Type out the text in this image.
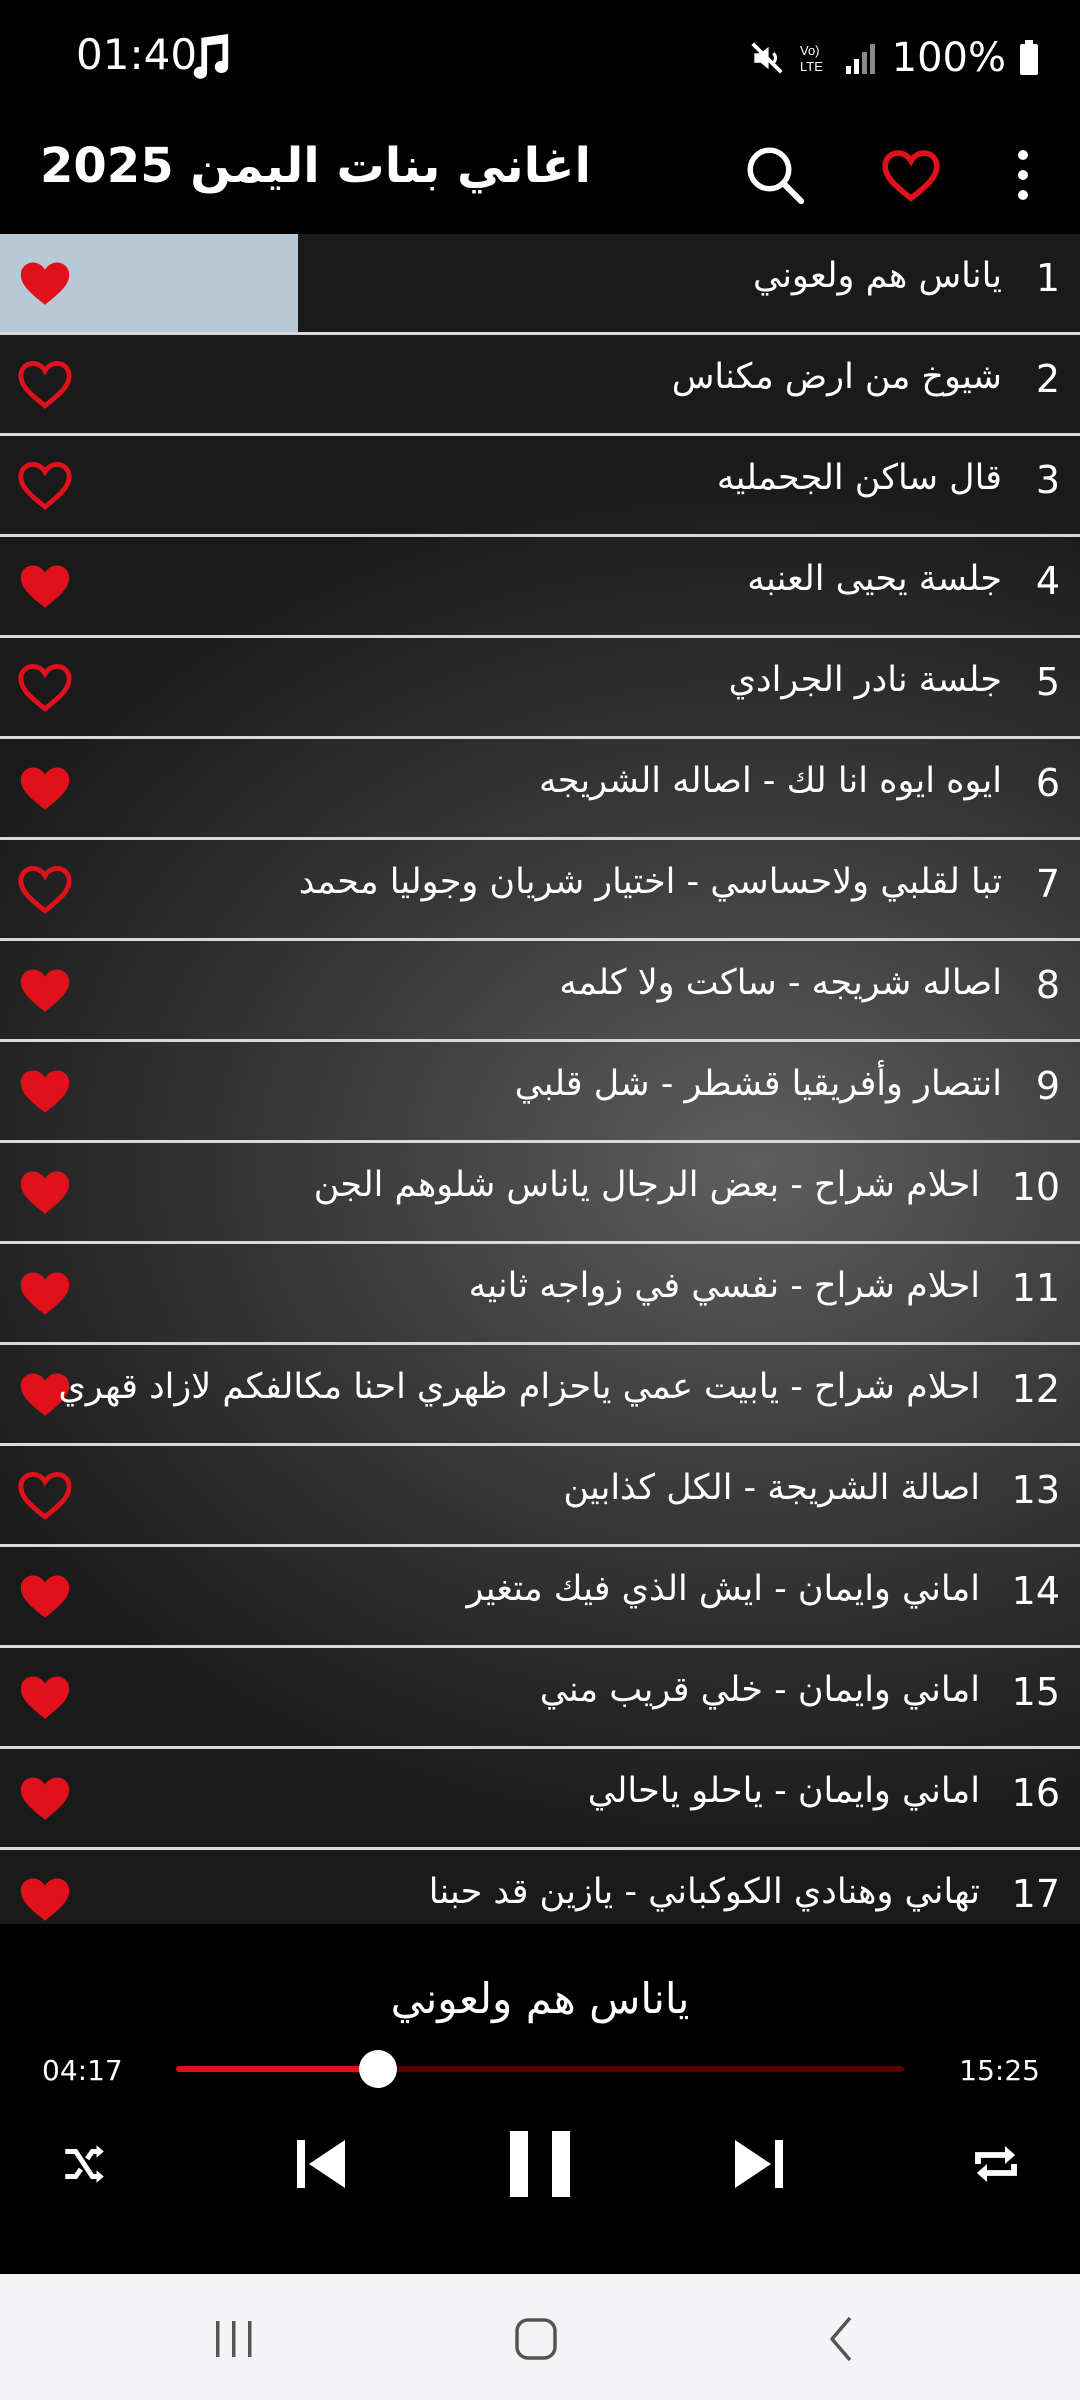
01:40	Vo)
LTE 100%
اغاني بنات اليمن 2025
1
ياناس هم ولعوني
2
شيوخ من ارض مكناس
3
قال ساكن الجحمليه
4
جلسة يحيى العنبه
5
جلسة نادر الجرادي
6
ايوه ايوه انا لك - اصاله الشريجه
7
تبا لقلبي ولاحساسي - اختيار شريان وجوليا محمد
8
اصاله شريجه - ساكت ولا كلمه
9
انتصار وأفريقيا قشطر - شل قلبي
10
احلام شراح - بعض الرجال ياناس شلوهم الجن
11
احلام شراح - نفسي في زواجه ثانيه
12
احلام شراح - يابيت عمي ياحزام ظهري احنا مكالفكم لازاد قهري
13
اصالة الشريجة - الكل كذابين
14
اماني وايمان - ايش الذي فيك متغير
15
اماني وايمان - خلي قريب مني
16
اماني وايمان - ياحلو ياحالي
17
تهاني وهنادي الكوكباني - يازين قد حبنا
ياناس هم ولعوني
04:17	15:25
